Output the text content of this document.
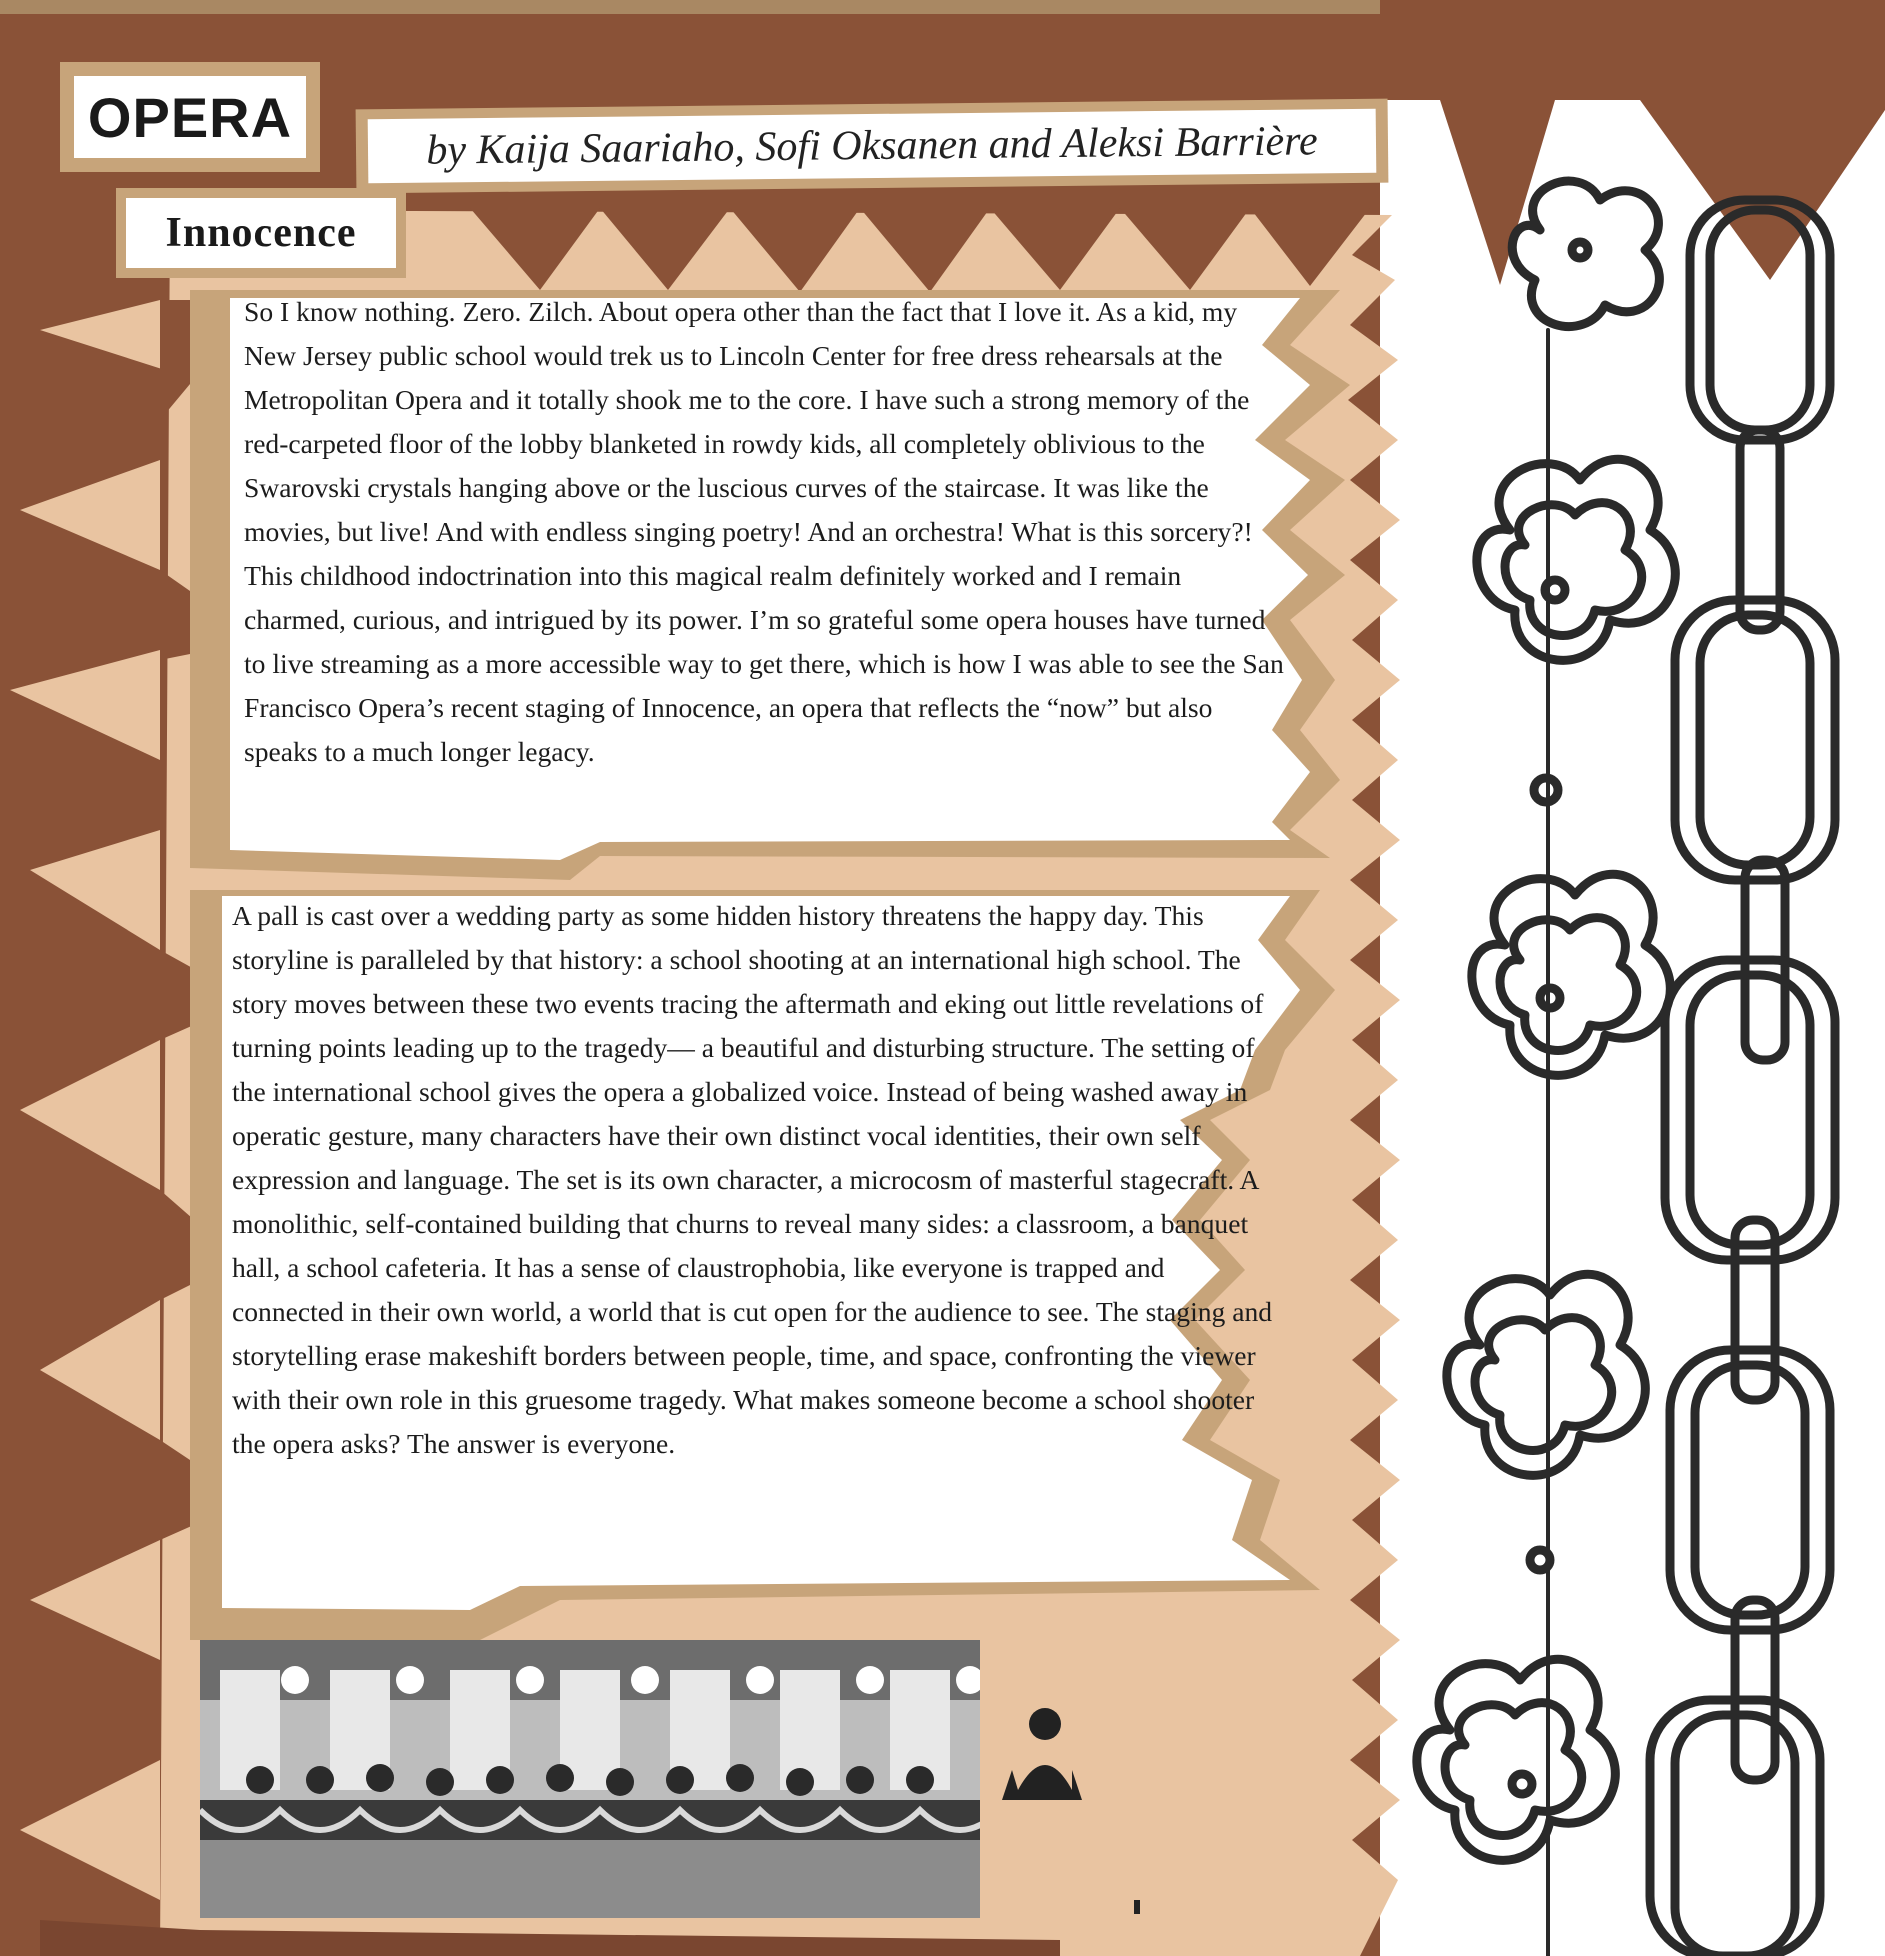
OPERA	by Kaija Saariaho, Sofi Oksanen and Aleksi Barrière
Innocence

So I know nothing. Zero. Zilch. About opera other than the fact that I love it. As a kid, my New Jersey public school would trek us to Lincoln Center for free dress rehearsals at the Metropolitan Opera and it totally shook me to the core. I have such a strong memory of the red-carpeted floor of the lobby blanketed in rowdy kids, all completely oblivious to the Swarovski crystals hanging above or the luscious curves of the staircase. It was like the movies, but live! And with endless singing poetry! And an orchestra! What is this sorcery?! This childhood indoctrination into this magical realm definitely worked and I remain charmed, curious, and intrigued by its power. I’m so grateful some opera houses have turned to live streaming as a more accessible way to get there, which is how I was able to see the San Francisco Opera’s recent staging of Innocence, an opera that reflects the “now” but also speaks to a much longer legacy.

A pall is cast over a wedding party as some hidden history threatens the happy day. This storyline is paralleled by that history: a school shooting at an international high school. The story moves between these two events tracing the aftermath and eking out little revelations of turning points leading up to the tragedy— a beautiful and disturbing structure. The setting of the international school gives the opera a globalized voice. Instead of being washed away in operatic gesture, many characters have their own distinct vocal identities, their own self expression and language. The set is its own character, a microcosm of masterful stagecraft. A monolithic, self-contained building that churns to reveal many sides: a classroom, a banquet hall, a school cafeteria. It has a sense of claustrophobia, like everyone is trapped and connected in their own world, a world that is cut open for the audience to see. The staging and storytelling erase makeshift borders between people, time, and space, confronting the viewer with their own role in this gruesome tragedy. What makes someone become a school shooter the opera asks? The answer is everyone.
